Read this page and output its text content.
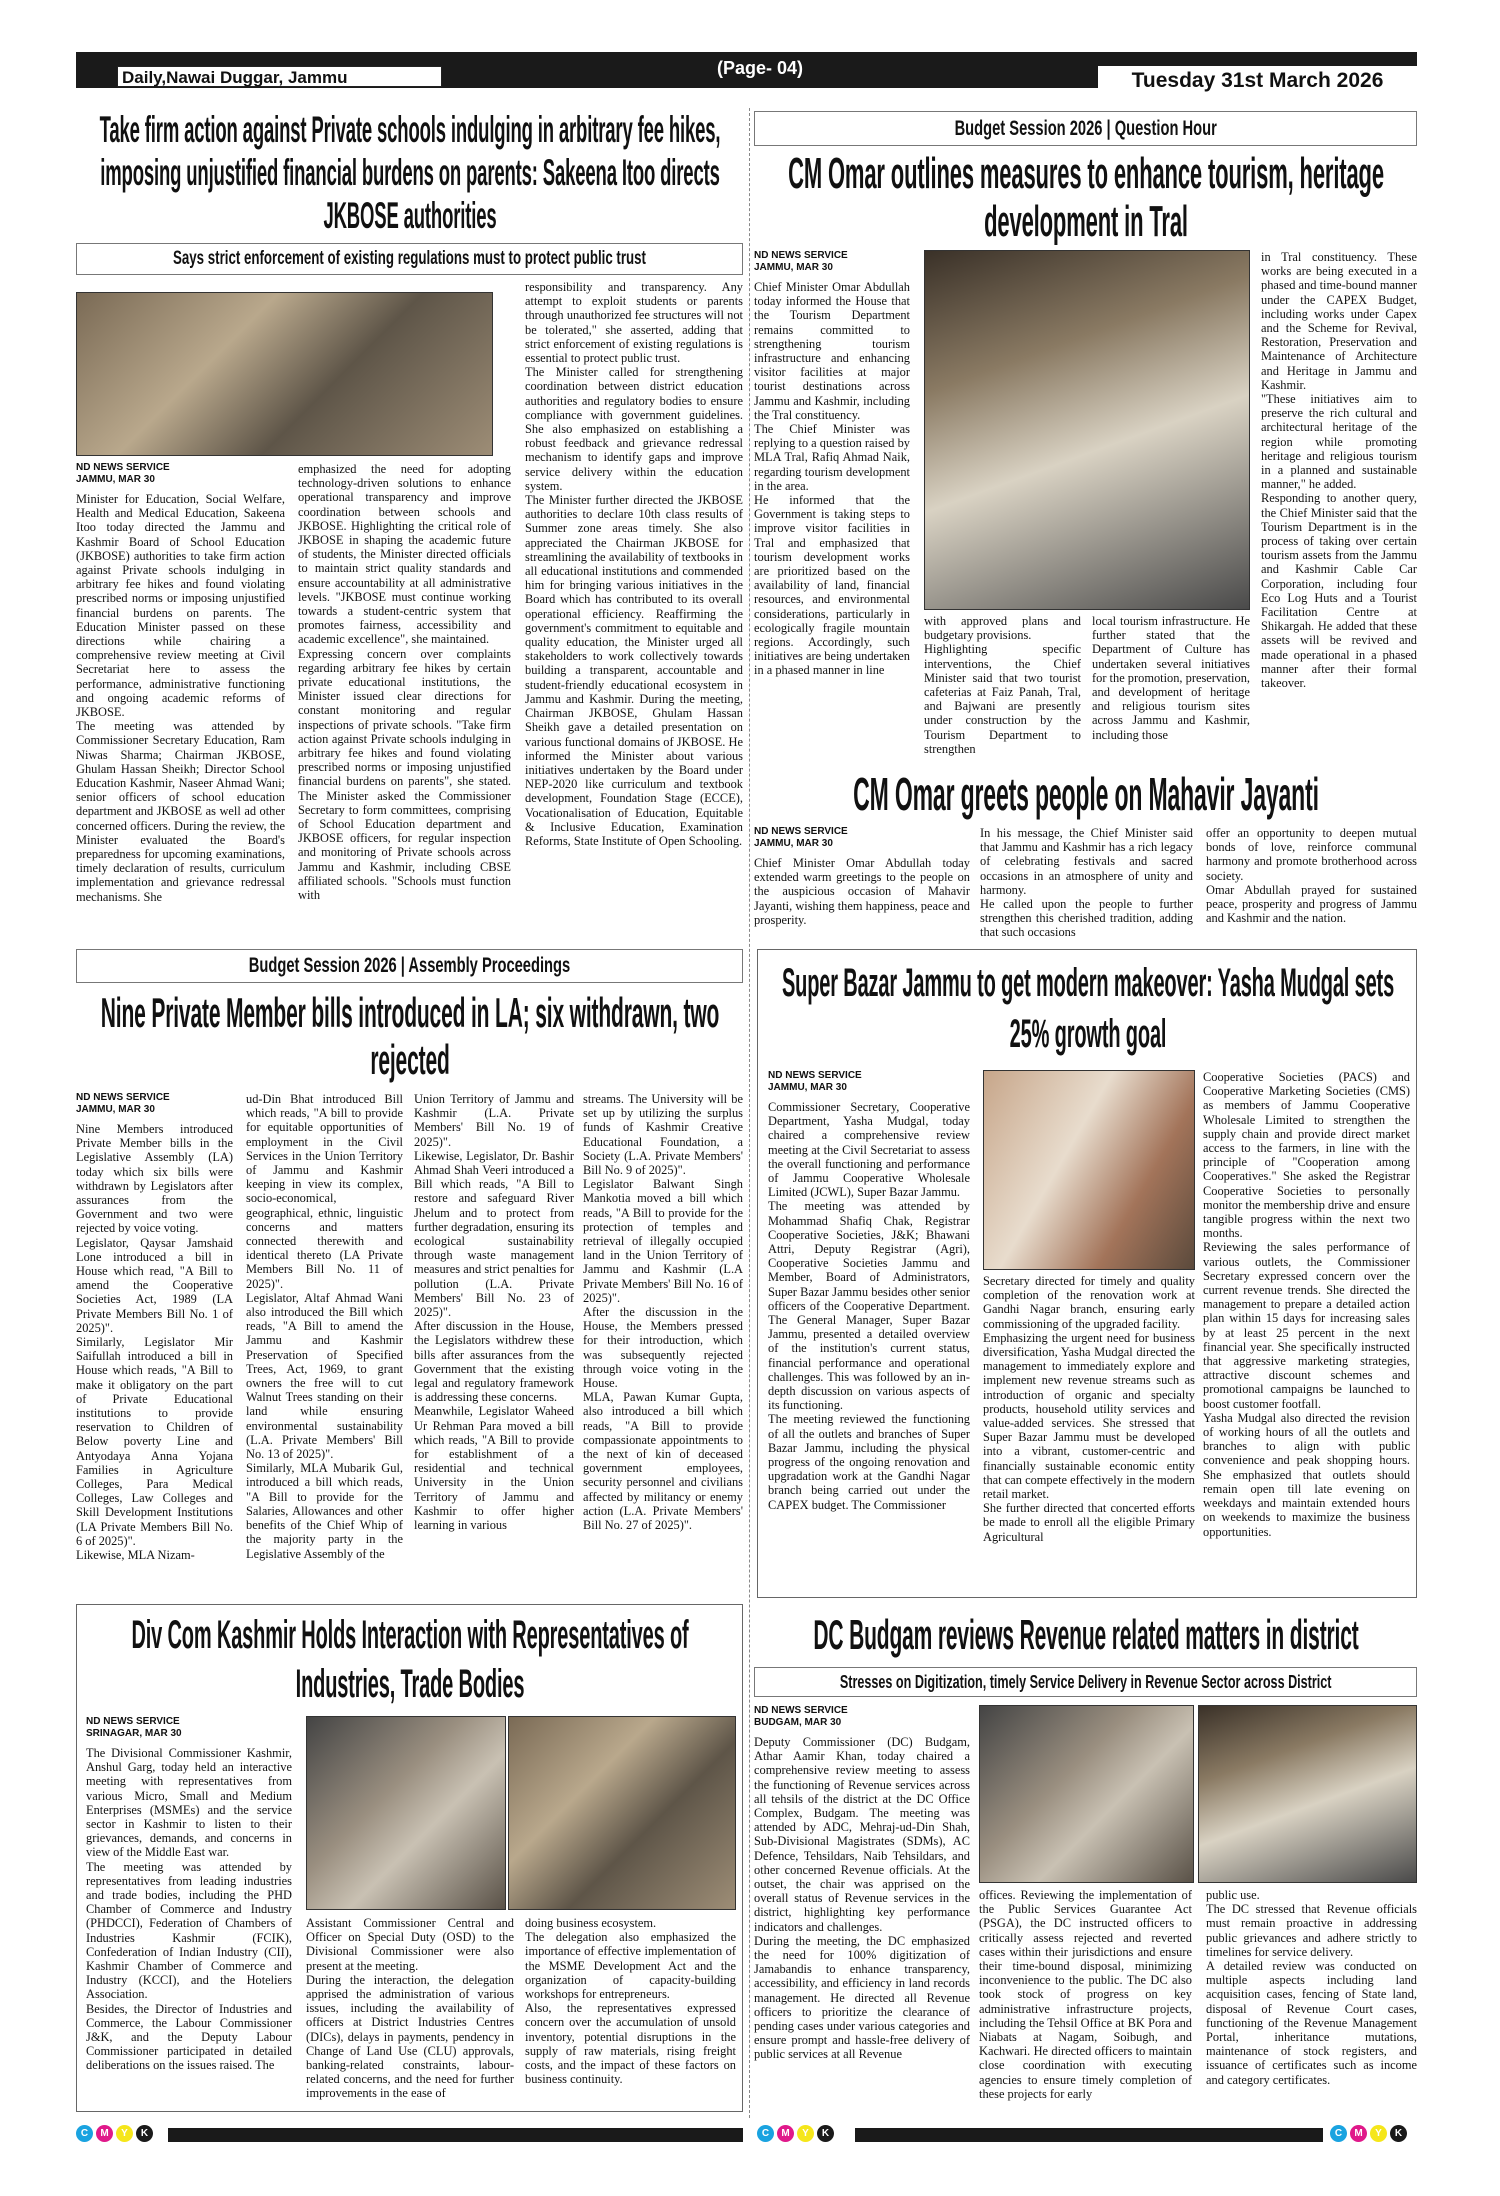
Daily,Nawai Duggar, Jammu	(Page- 04)
Tuesday 31st March 2026
Take firm action against Private schools indulging in arbitrary fee hikes, imposing unjustified financial burdens on parents: Sakeena Itoo directs JKBOSE authorities
Says strict enforcement of existing regulations must to protect public trust
ND NEWS SERVICE
JAMMU, MAR 30
Minister for Education, Social Welfare, Health and Medical Education, Sakeena Itoo today directed the Jammu and Kashmir Board of School Education (JKBOSE) authorities to take firm action against Private schools indulging in arbitrary fee hikes and found violating prescribed norms or imposing unjustified financial burdens on parents. The Education Minister passed on these directions while chairing a comprehensive review meeting at Civil Secretariat here to assess the performance, administrative functioning and ongoing academic reforms of JKBOSE.
The meeting was attended by Commissioner Secretary Education, Ram Niwas Sharma; Chairman JKBOSE, Ghulam Hassan Sheikh; Director School Education Kashmir, Naseer Ahmad Wani; senior officers of school education department and JKBOSE as well ad other concerned officers. During the review, the Minister evaluated the Board's preparedness for upcoming examinations, timely declaration of results, curriculum implementation and grievance redressal mechanisms. She
emphasized the need for adopting technology-driven solutions to enhance operational transparency and improve coordination between schools and JKBOSE. Highlighting the critical role of JKBOSE in shaping the academic future of students, the Minister directed officials to maintain strict quality standards and ensure accountability at all administrative levels. "JKBOSE must continue working towards a student-centric system that promotes fairness, accessibility and academic excellence", she maintained.
Expressing concern over complaints regarding arbitrary fee hikes by certain private educational institutions, the Minister issued clear directions for constant monitoring and regular inspections of private schools. "Take firm action against Private schools indulging in arbitrary fee hikes and found violating prescribed norms or imposing unjustified financial burdens on parents", she stated. The Minister asked the Commissioner Secretary to form committees, comprising of School Education department and JKBOSE officers, for regular inspection and monitoring of Private schools across Jammu and Kashmir, including CBSE affiliated schools. "Schools must function with
responsibility and transparency. Any attempt to exploit students or parents through unauthorized fee structures will not be tolerated," she asserted, adding that strict enforcement of existing regulations is essential to protect public trust.
The Minister called for strengthening coordination between district education authorities and regulatory bodies to ensure compliance with government guidelines. She also emphasized on establishing a robust feedback and grievance redressal mechanism to identify gaps and improve service delivery within the education system.
The Minister further directed the JKBOSE authorities to declare 10th class results of Summer zone areas timely. She also appreciated the Chairman JKBOSE for streamlining the availability of textbooks in all educational institutions and commended him for bringing various initiatives in the Board which has contributed to its overall operational efficiency. Reaffirming the government's commitment to equitable and quality education, the Minister urged all stakeholders to work collectively towards building a transparent, accountable and student-friendly educational ecosystem in Jammu and Kashmir. During the meeting, Chairman JKBOSE, Ghulam Hassan Sheikh gave a detailed presentation on various functional domains of JKBOSE. He informed the Minister about various initiatives undertaken by the Board under NEP-2020 like curriculum and textbook development, Foundation Stage (ECCE), Vocationalisation of Education, Equitable & Inclusive Education, Examination Reforms, State Institute of Open Schooling.
Budget Session 2026 | Question Hour
CM Omar outlines measures to enhance tourism, heritage development in Tral
ND NEWS SERVICE
JAMMU, MAR 30
Chief Minister Omar Abdullah today informed the House that the Tourism Department remains committed to strengthening tourism infrastructure and enhancing visitor facilities at major tourist destinations across Jammu and Kashmir, including the Tral constituency.
The Chief Minister was replying to a question raised by MLA Tral, Rafiq Ahmad Naik, regarding tourism development in the area.
He informed that the Government is taking steps to improve visitor facilities in Tral and emphasized that tourism development works are prioritized based on the availability of land, financial resources, and environmental considerations, particularly in ecologically fragile mountain regions. Accordingly, such initiatives are being undertaken in a phased manner in line
with approved plans and budgetary provisions.
Highlighting specific interventions, the Chief Minister said that two tourist cafeterias at Faiz Panah, Tral, and Bajwani are presently under construction by the Tourism Department to strengthen
local tourism infrastructure. He further stated that the Department of Culture has undertaken several initiatives for the promotion, preservation, and development of heritage and religious tourism sites across Jammu and Kashmir, including those
in Tral constituency. These works are being executed in a phased and time-bound manner under the CAPEX Budget, including works under Capex and the Scheme for Revival, Restoration, Preservation and Maintenance of Architecture and Heritage in Jammu and Kashmir.
"These initiatives aim to preserve the rich cultural and architectural heritage of the region while promoting heritage and religious tourism in a planned and sustainable manner," he added.
Responding to another query, the Chief Minister said that the Tourism Department is in the process of taking over certain tourism assets from the Jammu and Kashmir Cable Car Corporation, including four Eco Log Huts and a Tourist Facilitation Centre at Shikargah. He added that these assets will be revived and made operational in a phased manner after their formal takeover.
CM Omar greets people on Mahavir Jayanti
ND NEWS SERVICE
JAMMU, MAR 30
Chief Minister Omar Abdullah today extended warm greetings to the people on the auspicious occasion of Mahavir Jayanti, wishing them happiness, peace and prosperity.
In his message, the Chief Minister said that Jammu and Kashmir has a rich legacy of celebrating festivals and sacred occasions in an atmosphere of unity and harmony.
He called upon the people to further strengthen this cherished tradition, adding that such occasions
offer an opportunity to deepen mutual bonds of love, reinforce communal harmony and promote brotherhood across society.
Omar Abdullah prayed for sustained peace, prosperity and progress of Jammu and Kashmir and the nation.
Budget Session 2026 | Assembly Proceedings
Nine Private Member bills introduced in LA; six withdrawn, two rejected
ND NEWS SERVICE
JAMMU, MAR 30
Nine Members introduced Private Member bills in the Legislative Assembly (LA) today which six bills were withdrawn by Legislators after assurances from the Government and two were rejected by voice voting.
Legislator, Qaysar Jamshaid Lone introduced a bill in House which read, "A Bill to amend the Cooperative Societies Act, 1989 (LA Private Members Bill No. 1 of 2025)".
Similarly, Legislator Mir Saifullah introduced a bill in House which reads, "A Bill to make it obligatory on the part of Private Educational institutions to provide reservation to Children of Below poverty Line and Antyodaya Anna Yojana Families in Agriculture Colleges, Para Medical Colleges, Law Colleges and Skill Development Institutions (LA Private Members Bill No. 6 of 2025)".
Likewise, MLA Nizam-
ud-Din Bhat introduced Bill which reads, "A bill to provide for equitable opportunities of employment in the Civil Services in the Union Territory of Jammu and Kashmir keeping in view its complex, socio-economical, geographical, ethnic, linguistic concerns and matters connected therewith and identical thereto (LA Private Members Bill No. 11 of 2025)".
Legislator, Altaf Ahmad Wani also introduced the Bill which reads, "A Bill to amend the Jammu and Kashmir Preservation of Specified Trees, Act, 1969, to grant owners the free will to cut Walnut Trees standing on their land while ensuring environmental sustainability (L.A. Private Members' Bill No. 13 of 2025)".
Similarly, MLA Mubarik Gul, introduced a bill which reads, "A Bill to provide for the Salaries, Allowances and other benefits of the Chief Whip of the majority party in the Legislative Assembly of the
Union Territory of Jammu and Kashmir (L.A. Private Members' Bill No. 19 of 2025)".
Likewise, Legislator, Dr. Bashir Ahmad Shah Veeri introduced a Bill which reads, "A Bill to restore and safeguard River Jhelum and to protect from further degradation, ensuring its ecological sustainability through waste management measures and strict penalties for pollution (L.A. Private Members' Bill No. 23 of 2025)".
After discussion in the House, the Legislators withdrew these bills after assurances from the Government that the existing legal and regulatory framework is addressing these concerns.
Meanwhile, Legislator Waheed Ur Rehman Para moved a bill which reads, "A Bill to provide for establishment of a residential and technical University in the Union Territory of Jammu and Kashmir to offer higher learning in various
streams. The University will be set up by utilizing the surplus funds of Kashmir Creative Educational Foundation, a Society (L.A. Private Members' Bill No. 9 of 2025)".
Legislator Balwant Singh Mankotia moved a bill which reads, "A Bill to provide for the protection of temples and retrieval of illegally occupied land in the Union Territory of Jammu and Kashmir (L.A Private Members' Bill No. 16 of 2025)".
After the discussion in the House, the Members pressed for their introduction, which was subsequently rejected through voice voting in the House.
MLA, Pawan Kumar Gupta, also introduced a bill which reads, "A Bill to provide compassionate appointments to the next of kin of deceased government employees, security personnel and civilians affected by militancy or enemy action (L.A. Private Members' Bill No. 27 of 2025)".
Super Bazar Jammu to get modern makeover: Yasha Mudgal sets 25% growth goal
ND NEWS SERVICE
JAMMU, MAR 30
Commissioner Secretary, Cooperative Department, Yasha Mudgal, today chaired a comprehensive review meeting at the Civil Secretariat to assess the overall functioning and performance of Jammu Cooperative Wholesale Limited (JCWL), Super Bazar Jammu.
The meeting was attended by Mohammad Shafiq Chak, Registrar Cooperative Societies, J&K; Bhawani Attri, Deputy Registrar (Agri), Cooperative Societies Jammu and Member, Board of Administrators, Super Bazar Jammu besides other senior officers of the Cooperative Department. The General Manager, Super Bazar Jammu, presented a detailed overview of the institution's current status, financial performance and operational challenges. This was followed by an in-depth discussion on various aspects of its functioning.
The meeting reviewed the functioning of all the outlets and branches of Super Bazar Jammu, including the physical progress of the ongoing renovation and upgradation work at the Gandhi Nagar branch being carried out under the CAPEX budget. The Commissioner
Secretary directed for timely and quality completion of the renovation work at Gandhi Nagar branch, ensuring early commissioning of the upgraded facility.
Emphasizing the urgent need for business diversification, Yasha Mudgal directed the management to immediately explore and implement new revenue streams such as introduction of organic and specialty products, household utility services and value-added services. She stressed that Super Bazar Jammu must be developed into a vibrant, customer-centric and financially sustainable economic entity that can compete effectively in the modern retail market.
She further directed that concerted efforts be made to enroll all the eligible Primary Agricultural
Cooperative Societies (PACS) and Cooperative Marketing Societies (CMS) as members of Jammu Cooperative Wholesale Limited to strengthen the supply chain and provide direct market access to the farmers, in line with the principle of "Cooperation among Cooperatives." She asked the Registrar Cooperative Societies to personally monitor the membership drive and ensure tangible progress within the next two months.
Reviewing the sales performance of various outlets, the Commissioner Secretary expressed concern over the current revenue trends. She directed the management to prepare a detailed action plan within 15 days for increasing sales by at least 25 percent in the next financial year. She specifically instructed that aggressive marketing strategies, attractive discount schemes and promotional campaigns be launched to boost customer footfall.
Yasha Mudgal also directed the revision of working hours of all the outlets and branches to align with public convenience and peak shopping hours. She emphasized that outlets should remain open till late evening on weekdays and maintain extended hours on weekends to maximize the business opportunities.
Div Com Kashmir Holds Interaction with Representatives of Industries, Trade Bodies
ND NEWS SERVICE
SRINAGAR, MAR 30
The Divisional Commissioner Kashmir, Anshul Garg, today held an interactive meeting with representatives from various Micro, Small and Medium Enterprises (MSMEs) and the service sector in Kashmir to listen to their grievances, demands, and concerns in view of the Middle East war.
The meeting was attended by representatives from leading industries and trade bodies, including the PHD Chamber of Commerce and Industry (PHDCCI), Federation of Chambers of Industries Kashmir (FCIK), Confederation of Indian Industry (CII), Kashmir Chamber of Commerce and Industry (KCCI), and the Hoteliers Association.
Besides, the Director of Industries and Commerce, the Labour Commissioner J&K, and the Deputy Labour Commissioner participated in detailed deliberations on the issues raised. The
Assistant Commissioner Central and Officer on Special Duty (OSD) to the Divisional Commissioner were also present at the meeting.
During the interaction, the delegation apprised the administration of various issues, including the availability of officers at District Industries Centres (DICs), delays in payments, pendency in Change of Land Use (CLU) approvals, banking-related constraints, labour-related concerns, and the need for further improvements in the ease of
doing business ecosystem.
The delegation also emphasized the importance of effective implementation of the MSME Development Act and the organization of capacity-building workshops for entrepreneurs.
Also, the representatives expressed concern over the accumulation of unsold inventory, potential disruptions in the supply of raw materials, rising freight costs, and the impact of these factors on business continuity.
DC Budgam reviews Revenue related matters in district
Stresses on Digitization, timely Service Delivery in Revenue Sector across District
ND NEWS SERVICE
BUDGAM, MAR 30
Deputy Commissioner (DC) Budgam, Athar Aamir Khan, today chaired a comprehensive review meeting to assess the functioning of Revenue services across all tehsils of the district at the DC Office Complex, Budgam. The meeting was attended by ADC, Mehraj-ud-Din Shah, Sub-Divisional Magistrates (SDMs), AC Defence, Tehsildars, Naib Tehsildars, and other concerned Revenue officials. At the outset, the chair was apprised on the overall status of Revenue services in the district, highlighting key performance indicators and challenges.
During the meeting, the DC emphasized the need for 100% digitization of Jamabandis to enhance transparency, accessibility, and efficiency in land records management. He directed all Revenue officers to prioritize the clearance of pending cases under various categories and ensure prompt and hassle-free delivery of public services at all Revenue
offices. Reviewing the implementation of the Public Services Guarantee Act (PSGA), the DC instructed officers to critically assess rejected and reverted cases within their jurisdictions and ensure their time-bound disposal, minimizing inconvenience to the public. The DC also took stock of progress on key administrative infrastructure projects, including the Tehsil Office at BK Pora and Niabats at Nagam, Soibugh, and Kachwari. He directed officers to maintain close coordination with executing agencies to ensure timely completion of these projects for early
public use.
The DC stressed that Revenue officials must remain proactive in addressing public grievances and adhere strictly to timelines for service delivery.
A detailed review was conducted on multiple aspects including land acquisition cases, fencing of State land, disposal of Revenue Court cases, functioning of the Revenue Management Portal, inheritance mutations, maintenance of stock registers, and issuance of certificates such as income and category certificates.
C	M	Y	K	C	M	Y	K	C	M	Y	K
